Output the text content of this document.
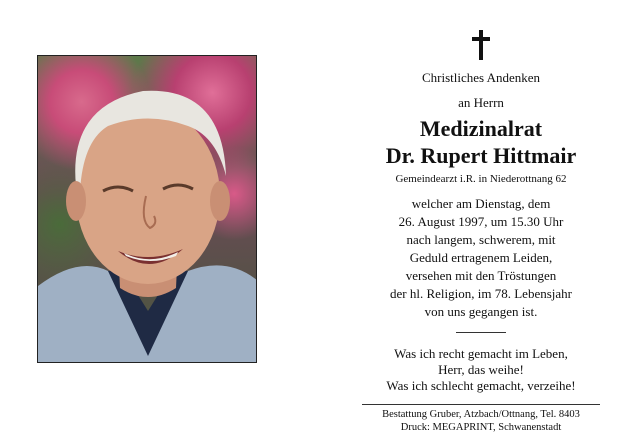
Christliches Andenken
an Herrn
Medizinalrat
Dr. Rupert Hittmair
Gemeindearzt i.R. in Niederottnang 62
welcher am Dienstag, dem
26. August 1997, um 15.30 Uhr
nach langem, schwerem, mit
Geduld ertragenem Leiden,
versehen mit den Tröstungen
der hl. Religion, im 78. Lebensjahr
von uns gegangen ist.
Was ich recht gemacht im Leben,
Herr, das weihe!
Was ich schlecht gemacht, verzeihe!
Bestattung Gruber, Atzbach/Ottnang, Tel. 8403
Druck: MEGAPRINT, Schwanenstadt
